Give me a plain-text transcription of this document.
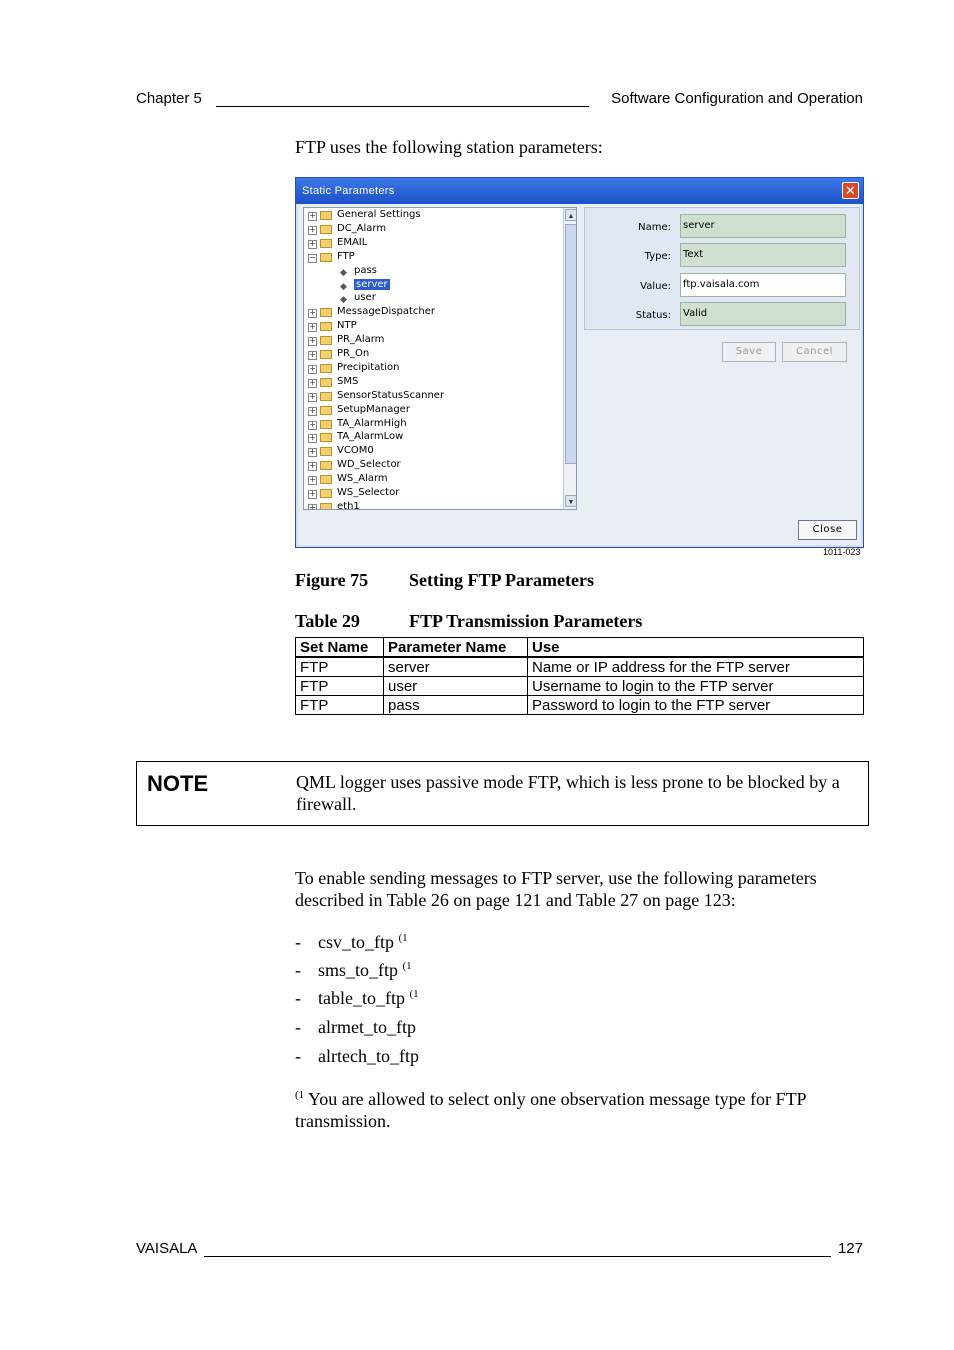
Chapter 5	Software Configuration and Operation
FTP uses the following station parameters:
Static Parameters	✕
+ General Settings
+ DC_Alarm
+ EMAIL
− FTP
◆ pass
◆ server
◆ user
+ MessageDispatcher
+ NTP
+ PR_Alarm
+ PR_On
+ Precipitation
+ SMS
+ SensorStatusScanner
+ SetupManager
+ TA_AlarmHigh
+ TA_AlarmLow
+ VCOM0
+ WD_Selector
+ WS_Alarm
+ WS_Selector
+ eth1
▲
▼
Name:	server
Type:	Text
Value:	ftp.vaisala.com
Status:	Valid
Save	Cancel
Close
1011-023
Figure 75 Setting FTP Parameters
Table 29	FTP Transmission Parameters
Set Name	Parameter Name	Use
FTP	server	Name or IP address for the FTP server
FTP	user	Username to login to the FTP server
FTP	pass	Password to login to the FTP server
NOTE	QML logger uses passive mode FTP, which is less prone to be blocked by a firewall.
To enable sending messages to FTP server, use the following parameters described in Table 26 on page 121 and Table 27 on page 123:
- csv_to_ftp $^{(1}$
- sms_to_ftp $^{(1}$
- table_to_ftp $^{(1}$
- alrmet_to_ftp
- alrtech_to_ftp
$^{(1}$ You are allowed to select only one observation message type for FTP transmission.
VAISALA	127
